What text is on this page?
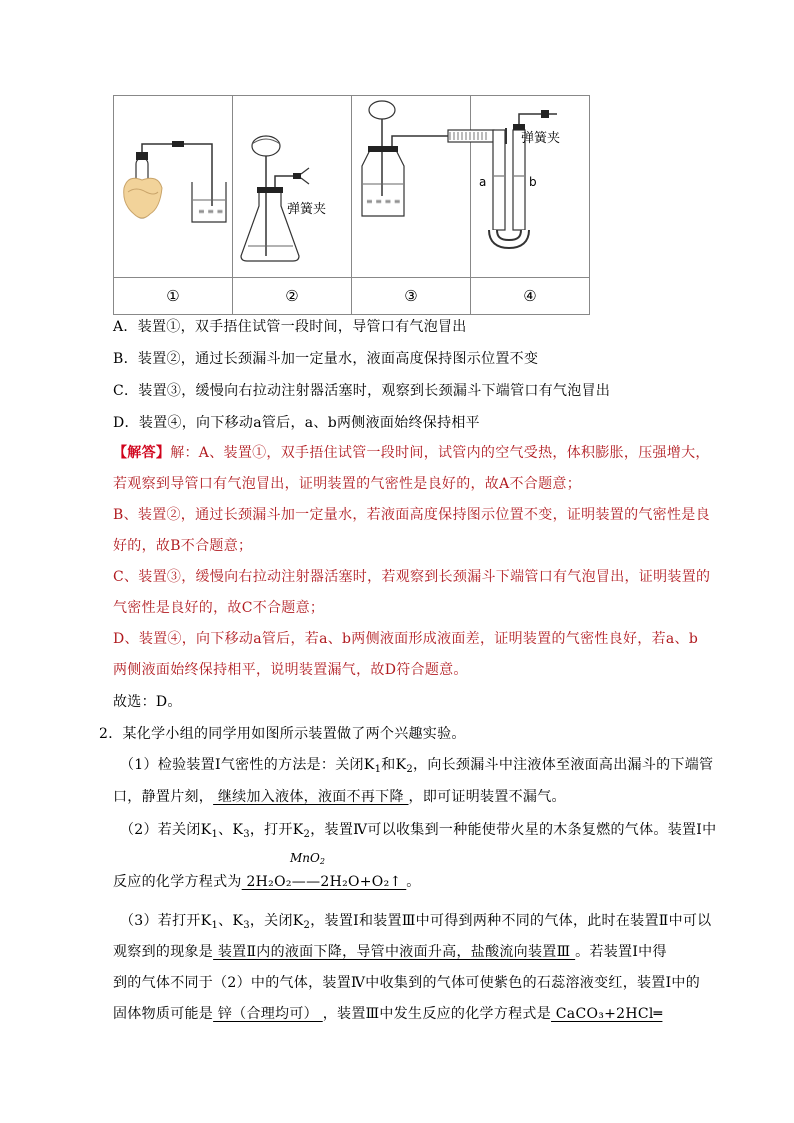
≡ ≡ ≡	弹簧夹	≡ ≡ ≡ ≡	a b
弹簧夹

①	②	③	④
A．装置①，双手捂住试管一段时间，导管口有气泡冒出
B．装置②，通过长颈漏斗加一定量水，液面高度保持图示位置不变
C．装置③，缓慢向右拉动注射器活塞时，观察到长颈漏斗下端管口有气泡冒出
D．装置④，向下移动a管后，a、b两侧液面始终保持相平
【解答】解：A、装置①，双手捂住试管一段时间，试管内的空气受热，体积膨胀，压强增大，
若观察到导管口有气泡冒出，证明装置的气密性是良好的，故A不合题意；
B、装置②，通过长颈漏斗加一定量水，若液面高度保持图示位置不变，证明装置的气密性是良
好的，故B不合题意；
C、装置③，缓慢向右拉动注射器活塞时，若观察到长颈漏斗下端管口有气泡冒出，证明装置的
气密性是良好的，故C不合题意；
D、装置④，向下移动a管后，若a、b两侧液面形成液面差，证明装置的气密性良好，若a、b
两侧液面始终保持相平，说明装置漏气，故D符合题意。
故选：D。
2．某化学小组的同学用如图所示装置做了两个兴趣实验。
（1）检验装置Ⅰ气密性的方法是：关闭$K_1$和$K_2$，向长颈漏斗中注液体至液面高出漏斗的下端管
口，静置片刻， 继续加入液体，液面不再下降 ，即可证明装置不漏气。
（2）若关闭$K_1$、$K_3$，打开$K_2$，装置Ⅳ可以收集到一种能使带火星的木条复燃的气体。装置Ⅰ中
MnO2
反应的化学方程式为 2H₂O₂——2H₂O+O₂↑ 。
（3）若打开$K_1$、$K_3$，关闭$K_2$，装置Ⅰ和装置Ⅲ中可得到两种不同的气体，此时在装置Ⅱ中可以
观察到的现象是 装置Ⅱ内的液面下降，导管中液面升高，盐酸流向装置Ⅲ 。若装置Ⅰ中得
到的气体不同于（2）中的气体，装置Ⅳ中收集到的气体可使紫色的石蕊溶液变红，装置Ⅰ中的
固体物质可能是 锌（合理均可） ，装置Ⅲ中发生反应的化学方程式是 CaCO₃+2HCl═
